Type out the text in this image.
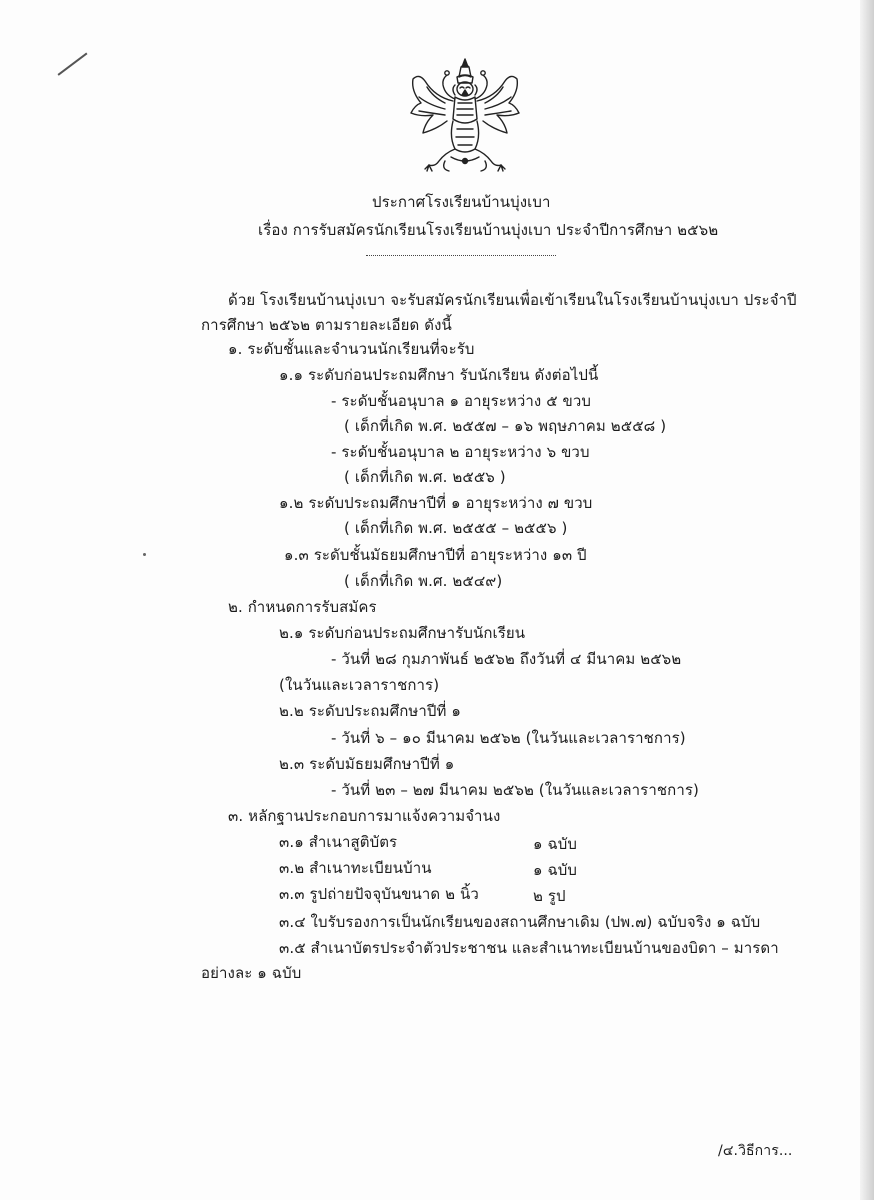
ประกาศโรงเรียนบ้านบุ่งเบา
เรื่อง การรับสมัครนักเรียนโรงเรียนบ้านบุ่งเบา ประจำปีการศึกษา ๒๕๖๒
ด้วย โรงเรียนบ้านบุ่งเบา จะรับสมัครนักเรียนเพื่อเข้าเรียนในโรงเรียนบ้านบุ่งเบา ประจำปี
การศึกษา ๒๕๖๒ ตามรายละเอียด ดังนี้
๑. ระดับชั้นและจำนวนนักเรียนที่จะรับ
๑.๑ ระดับก่อนประถมศึกษา รับนักเรียน ดังต่อไปนี้
- ระดับชั้นอนุบาล ๑ อายุระหว่าง ๕ ขวบ
( เด็กที่เกิด พ.ศ. ๒๕๕๗ – ๑๖ พฤษภาคม ๒๕๕๘ )
- ระดับชั้นอนุบาล ๒ อายุระหว่าง ๖ ขวบ
( เด็กที่เกิด พ.ศ. ๒๕๕๖ )
๑.๒ ระดับประถมศึกษาปีที่ ๑ อายุระหว่าง ๗ ขวบ
( เด็กที่เกิด พ.ศ. ๒๕๕๕ – ๒๕๕๖ )
๑.๓ ระดับชั้นมัธยมศึกษาปีที่ อายุระหว่าง ๑๓ ปี
( เด็กที่เกิด พ.ศ. ๒๕๔๙)
๒. กำหนดการรับสมัคร
๒.๑ ระดับก่อนประถมศึกษารับนักเรียน
- วันที่ ๒๘ กุมภาพันธ์ ๒๕๖๒ ถึงวันที่ ๔ มีนาคม ๒๕๖๒
(ในวันและเวลาราชการ)
๒.๒ ระดับประถมศึกษาปีที่ ๑
- วันที่ ๖ – ๑๐ มีนาคม ๒๕๖๒ (ในวันและเวลาราชการ)
๒.๓ ระดับมัธยมศึกษาปีที่ ๑
- วันที่ ๒๓ – ๒๗ มีนาคม ๒๕๖๒ (ในวันและเวลาราชการ)
๓. หลักฐานประกอบการมาแจ้งความจำนง
๓.๑ สำเนาสูติบัตร	๑ ฉบับ
๓.๒ สำเนาทะเบียนบ้าน	๑ ฉบับ
๓.๓ รูปถ่ายปัจจุบันขนาด ๒ นิ้ว	๒ รูป
๓.๔ ใบรับรองการเป็นนักเรียนของสถานศึกษาเดิม (ปพ.๗) ฉบับจริง ๑ ฉบับ
๓.๕ สำเนาบัตรประจำตัวประชาชน และสำเนาทะเบียนบ้านของบิดา – มารดา
อย่างละ ๑ ฉบับ
/๔.วิธีการ...
